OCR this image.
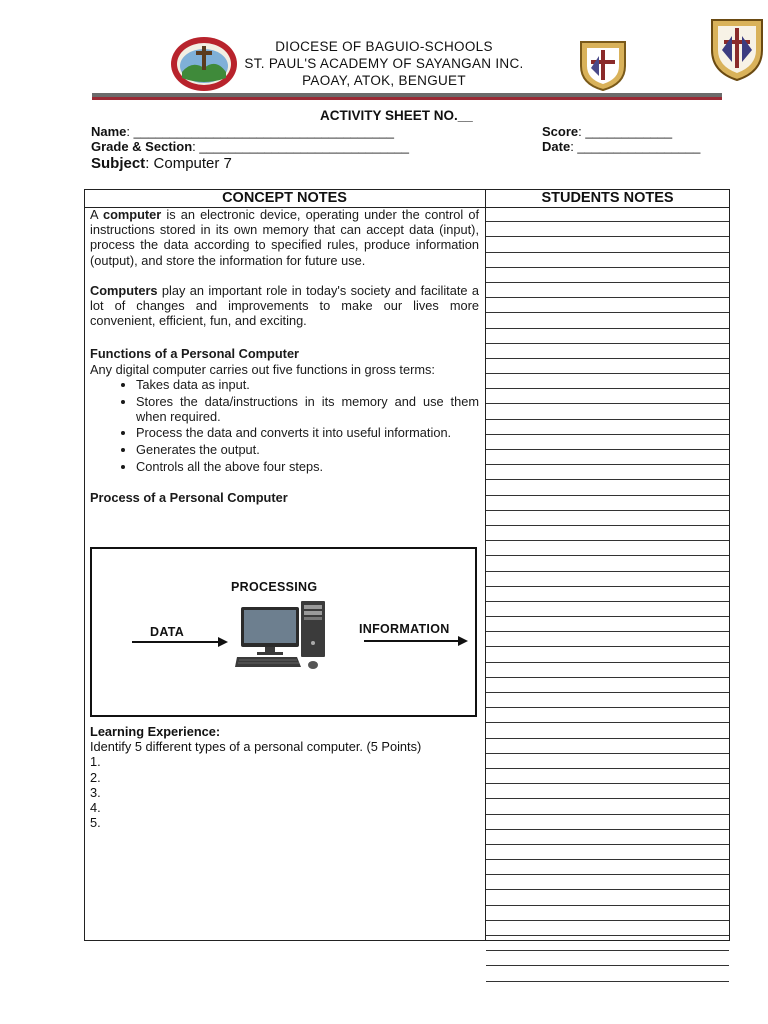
DIOCESE OF BAGUIO-SCHOOLS
ST. PAUL'S ACADEMY OF SAYANGAN INC.
PAOAY, ATOK, BENGUET
ACTIVITY SHEET NO.__
Name: ____________________________________	Score: ____________
Grade & Section: _____________________________	Date: _________________
Subject: Computer 7
CONCEPT NOTES	STUDENTS NOTES

A computer is an electronic device, operating under the control of instructions stored in its own memory that can accept data (input), process the data according to specified rules, produce information (output), and store the information for future use.

Computers play an important role in today's society and facilitate a lot of changes and improvements to make our lives more convenient, efficient, fun, and exciting.

Functions of a Personal Computer

Any digital computer carries out five functions in gross terms:

• Takes data as input.
• Stores the data/instructions in its memory and use them when required.
• Process the data and converts it into useful information.
• Generates the output.
• Controls all the above four steps.

Process of a Personal Computer

PROCESSING
DATA	INFORMATION

Learning Experience:

Identify 5 different types of a personal computer. (5 Points)

1.

2.

3.

4.

5.
